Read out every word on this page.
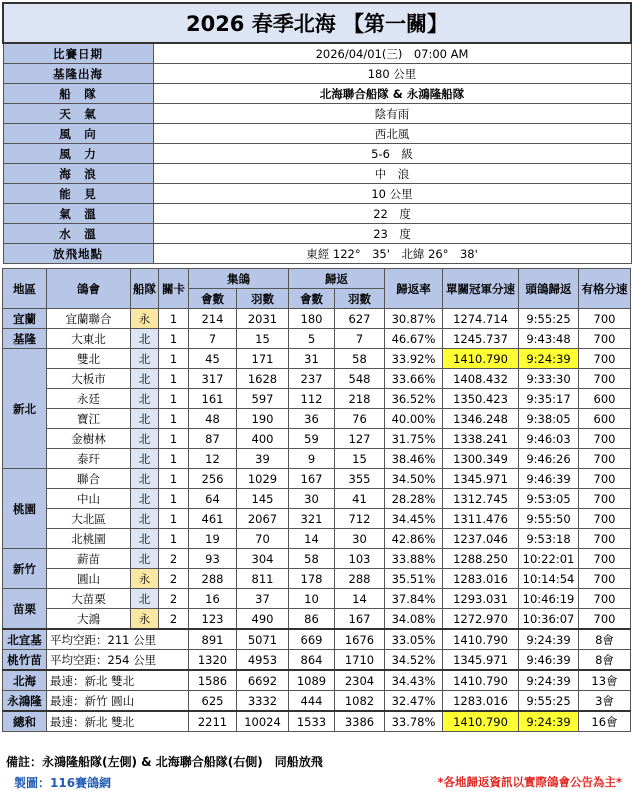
2026 春季北海 【第一關】	
比賽日期	2026/04/01(三)　07:00 AM
基隆出海	180 公里
船　隊	北海聯合船隊 & 永鴻隆船隊
天　氣	陰有雨
風　向	西北風
風　力	5-6　級
海　浪	中　浪
能　見	10 公里
氣　溫	22　度
水　溫	23　度
放飛地點	東經 122°　35'　北緯 26°　38'
地區	鴿會	船隊	關卡	集鴿		歸返		歸返率	單關冠軍分速	頭鴿歸返	有格分速
				會數	羽數	會數	羽數				
宜蘭	宜蘭聯合	永	1	214	2031	180	627	30.87%	1274.714	9:55:25	700
基隆	大東北	北	1	7	15	5	7	46.67%	1245.737	9:43:48	700
新北	雙北	北	1	45	171	31	58	33.92%	1410.790	9:24:39	700
	大板市	北	1	317	1628	237	548	33.66%	1408.432	9:33:30	700
	永廷	北	1	161	597	112	218	36.52%	1350.423	9:35:17	600
	寶江	北	1	48	190	36	76	40.00%	1346.248	9:38:05	600
	金樹林	北	1	87	400	59	127	31.75%	1338.241	9:46:03	700
	泰玕	北	1	12	39	9	15	38.46%	1300.349	9:46:26	700
桃園	聯合	北	1	256	1029	167	355	34.50%	1345.971	9:46:39	700
	中山	北	1	64	145	30	41	28.28%	1312.745	9:53:05	700
	大北區	北	1	461	2067	321	712	34.45%	1311.476	9:55:50	700
	北桃園	北	1	19	70	14	30	42.86%	1237.046	9:53:18	700
新竹	薪苗	北	2	93	304	58	103	33.88%	1288.250	10:22:01	700
	圓山	永	2	288	811	178	288	35.51%	1283.016	10:14:54	700
苗栗	大苗栗	北	2	16	37	10	14	37.84%	1293.031	10:46:19	700
	大鴻	永	2	123	490	86	167	34.08%	1272.970	10:36:07	700
北宜基	平均空距：211 公里			891	5071	669	1676	33.05%	1410.790	9:24:39	8會
桃竹苗	平均空距：254 公里			1320	4953	864	1710	34.52%	1345.971	9:46:39	8會
北海	最速：新北 雙北			1586	6692	1089	2304	34.43%	1410.790	9:24:39	13會
永鴻隆	最速：新竹 圓山			625	3332	444	1082	32.47%	1283.016	9:55:25	3會
總和	最速：新北 雙北			2211	10024	1533	3386	33.78%	1410.790	9:24:39	16會
備註：永鴻隆船隊(左側) & 北海聯合船隊(右側)　同船放飛
製圖：116賽鴿網	*各地歸返資訊以實際鴿會公告為主*
